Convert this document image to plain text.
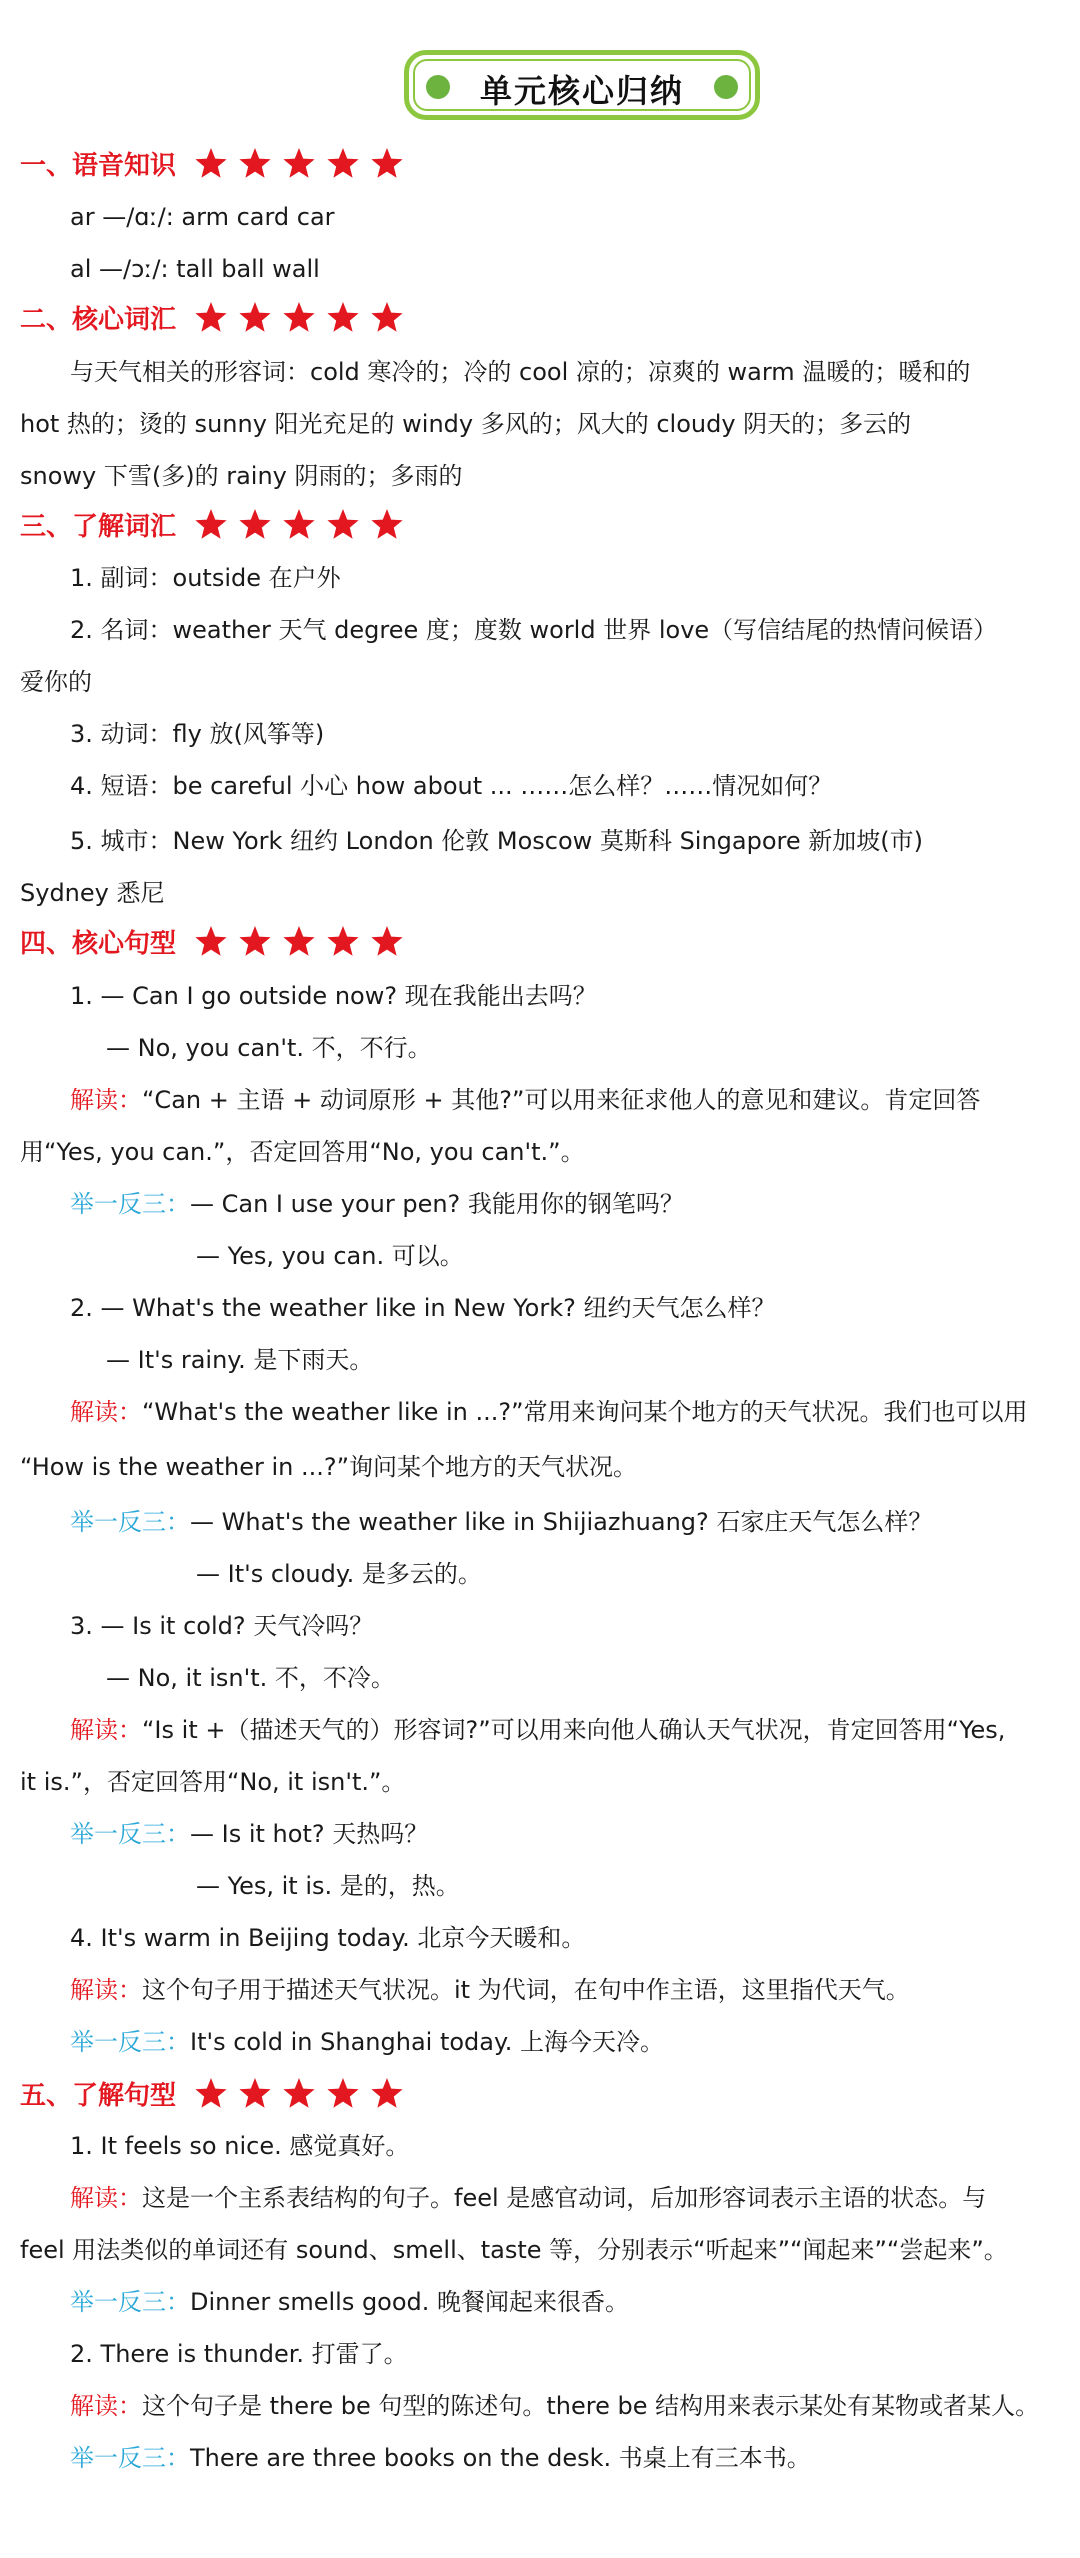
单元核心归纳
一、语音知识
ar —/ɑː/: arm card car
al —/ɔː/: tall ball wall
二、核心词汇
与天气相关的形容词：cold 寒冷的；冷的 cool 凉的；凉爽的 warm 温暖的；暖和的
hot 热的；烫的 sunny 阳光充足的 windy 多风的；风大的 cloudy 阴天的；多云的
snowy 下雪(多)的 rainy 阴雨的；多雨的
三、了解词汇
1. 副词：outside 在户外
2. 名词：weather 天气 degree 度；度数 world 世界 love（写信结尾的热情问候语）
爱你的
3. 动词：fly 放(风筝等)
4. 短语：be careful 小心 how about ... ……怎么样？……情况如何？
5. 城市：New York 纽约 London 伦敦 Moscow 莫斯科 Singapore 新加坡(市)
Sydney 悉尼
四、核心句型
1. — Can I go outside now? 现在我能出去吗？
— No, you can't. 不，不行。
解读：“Can + 主语 + 动词原形 + 其他?”可以用来征求他人的意见和建议。肯定回答
用“Yes, you can.”，否定回答用“No, you can't.”。
举一反三：— Can I use your pen? 我能用你的钢笔吗？
— Yes, you can. 可以。
2. — What's the weather like in New York? 纽约天气怎么样？
— It's rainy. 是下雨天。
解读：“What's the weather like in ...?”常用来询问某个地方的天气状况。我们也可以用
“How is the weather in ...?”询问某个地方的天气状况。
举一反三：— What's the weather like in Shijiazhuang? 石家庄天气怎么样？
— It's cloudy. 是多云的。
3. — Is it cold? 天气冷吗？
— No, it isn't. 不，不冷。
解读：“Is it +（描述天气的）形容词?”可以用来向他人确认天气状况，肯定回答用“Yes,
it is.”，否定回答用“No, it isn't.”。
举一反三：— Is it hot? 天热吗？
— Yes, it is. 是的，热。
4. It's warm in Beijing today. 北京今天暖和。
解读：这个句子用于描述天气状况。it 为代词，在句中作主语，这里指代天气。
举一反三：It's cold in Shanghai today. 上海今天冷。
五、了解句型
1. It feels so nice. 感觉真好。
解读：这是一个主系表结构的句子。feel 是感官动词，后加形容词表示主语的状态。与
feel 用法类似的单词还有 sound、smell、taste 等，分别表示“听起来”“闻起来”“尝起来”。
举一反三：Dinner smells good. 晚餐闻起来很香。
2. There is thunder. 打雷了。
解读：这个句子是 there be 句型的陈述句。there be 结构用来表示某处有某物或者某人。
举一反三：There are three books on the desk. 书桌上有三本书。
